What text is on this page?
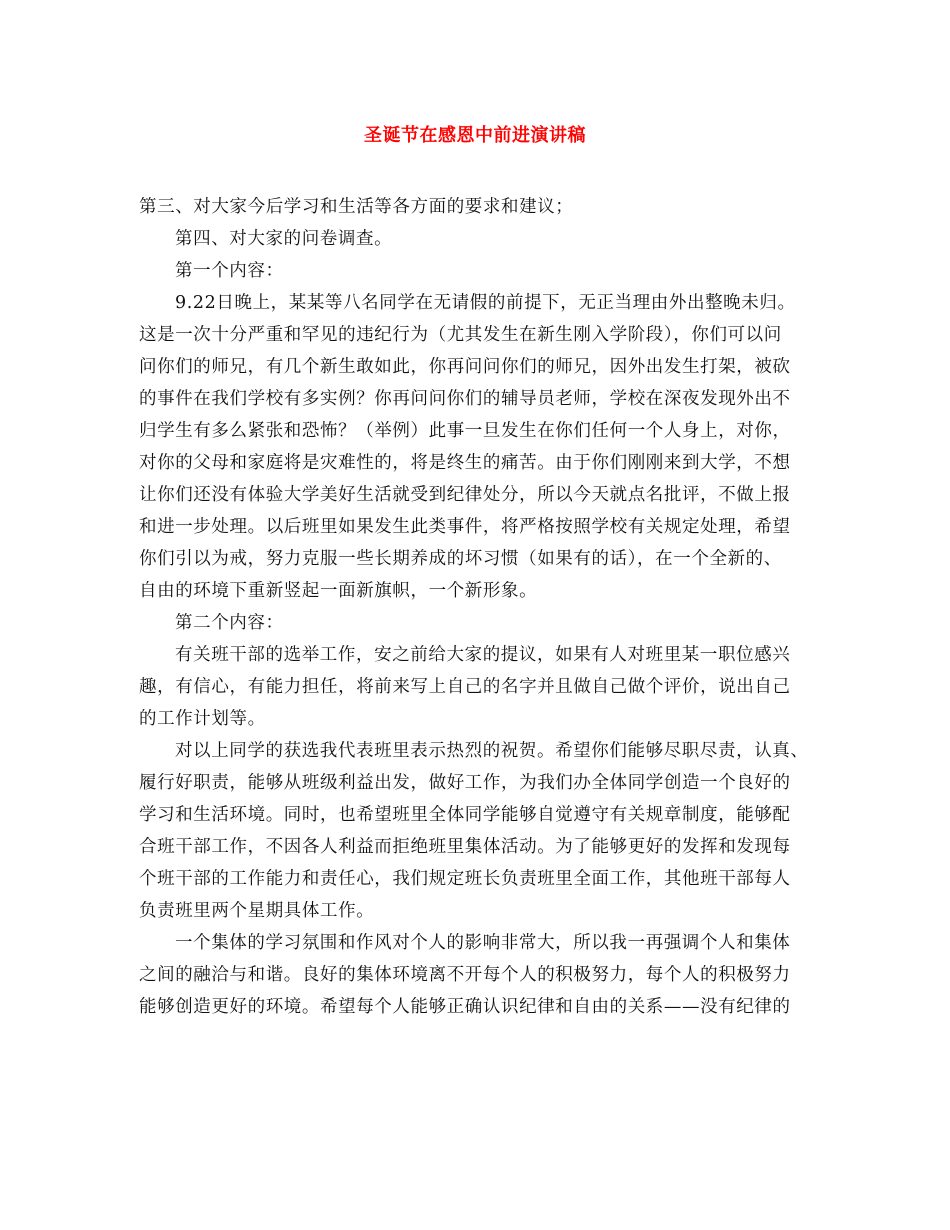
圣诞节在感恩中前进演讲稿
第三、对大家今后学习和生活等各方面的要求和建议；
第四、对大家的问卷调查。
第一个内容：
9.22日晚上，某某等八名同学在无请假的前提下，无正当理由外出整晚未归。
这是一次十分严重和罕见的违纪行为（尤其发生在新生刚入学阶段），你们可以问
问你们的师兄，有几个新生敢如此，你再问问你们的师兄，因外出发生打架，被砍
的事件在我们学校有多实例？你再问问你们的辅导员老师，学校在深夜发现外出不
归学生有多么紧张和恐怖？（举例）此事一旦发生在你们任何一个人身上，对你，
对你的父母和家庭将是灾难性的，将是终生的痛苦。由于你们刚刚来到大学，不想
让你们还没有体验大学美好生活就受到纪律处分，所以今天就点名批评，不做上报
和进一步处理。以后班里如果发生此类事件，将严格按照学校有关规定处理，希望
你们引以为戒，努力克服一些长期养成的坏习惯（如果有的话），在一个全新的、
自由的环境下重新竖起一面新旗帜，一个新形象。
第二个内容：
有关班干部的选举工作，安之前给大家的提议，如果有人对班里某一职位感兴
趣，有信心，有能力担任，将前来写上自己的名字并且做自己做个评价，说出自己
的工作计划等。
对以上同学的获选我代表班里表示热烈的祝贺。希望你们能够尽职尽责，认真、
履行好职责，能够从班级利益出发，做好工作，为我们办全体同学创造一个良好的
学习和生活环境。同时，也希望班里全体同学能够自觉遵守有关规章制度，能够配
合班干部工作，不因各人利益而拒绝班里集体活动。为了能够更好的发挥和发现每
个班干部的工作能力和责任心，我们规定班长负责班里全面工作，其他班干部每人
负责班里两个星期具体工作。
一个集体的学习氛围和作风对个人的影响非常大，所以我一再强调个人和集体
之间的融洽与和谐。良好的集体环境离不开每个人的积极努力，每个人的积极努力
能够创造更好的环境。希望每个人能够正确认识纪律和自由的关系——没有纪律的
